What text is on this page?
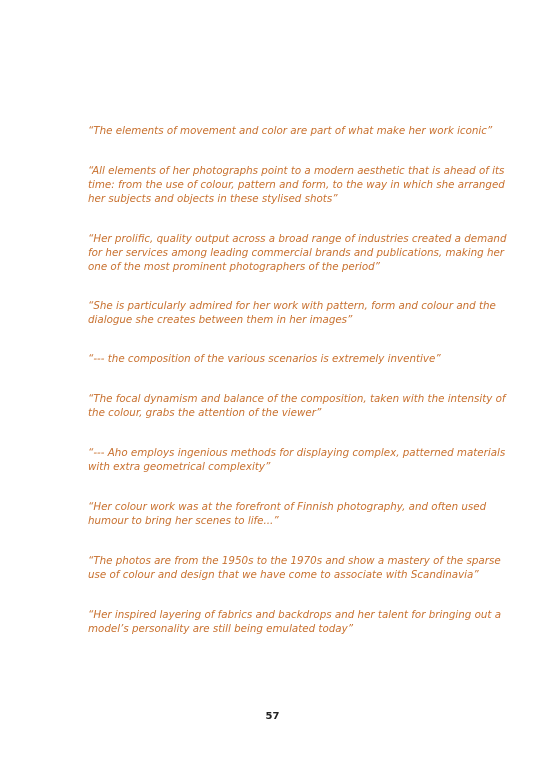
“The elements of movement and color are part of what make her work iconic”

“All elements of her photographs point to a modern aesthetic that is ahead of its
time: from the use of colour, pattern and form, to the way in which she arranged
her subjects and objects in these stylised shots”

“Her prolific, quality output across a broad range of industries created a demand
for her services among leading commercial brands and publications, making her
one of the most prominent photographers of the period”

“She is particularly admired for her work with pattern, form and colour and the
dialogue she creates between them in her images”

“--- the composition of the various scenarios is extremely inventive”

“The focal dynamism and balance of the composition, taken with the intensity of
the colour, grabs the attention of the viewer”

“--- Aho employs ingenious methods for displaying complex, patterned materials
with extra geometrical complexity”

“Her colour work was at the forefront of Finnish photography, and often used
humour to bring her scenes to life...”

“The photos are from the 1950s to the 1970s and show a mastery of the sparse
use of colour and design that we have come to associate with Scandinavia”

“Her inspired layering of fabrics and backdrops and her talent for bringing out a
model’s personality are still being emulated today”

57
